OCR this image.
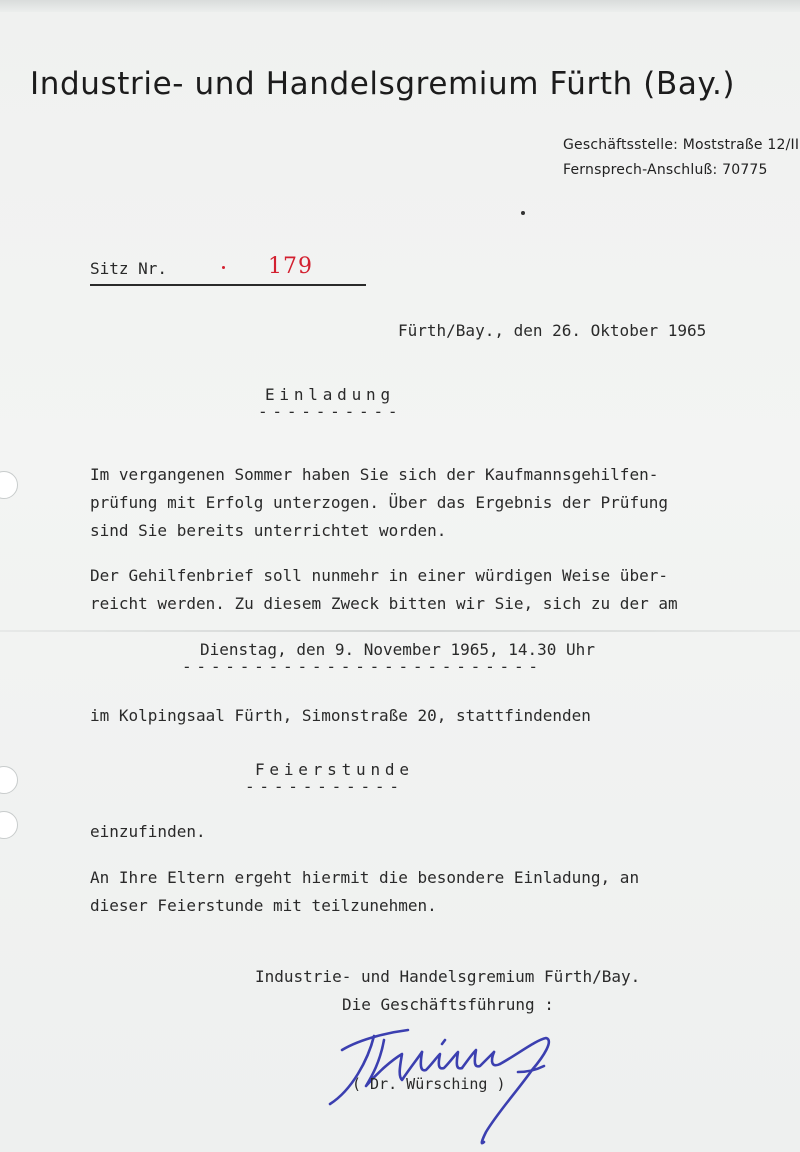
Industrie- und Handelsgremium Fürth (Bay.)
Geschäftsstelle: Moststraße 12/II
Fernsprech-Anschluß: 70775
Sitz Nr.	179
Fürth/Bay., den 26. Oktober 1965
Einladung
----------
Im vergangenen Sommer haben Sie sich der Kaufmannsgehilfen-
prüfung mit Erfolg unterzogen. Über das Ergebnis der Prüfung
sind Sie bereits unterrichtet worden.
Der Gehilfenbrief soll nunmehr in einer würdigen Weise über-
reicht werden. Zu diesem Zweck bitten wir Sie, sich zu der am
Dienstag, den 9. November 1965, 14.30 Uhr
-------------------------
im Kolpingsaal Fürth, Simonstraße 20, stattfindenden
Feierstunde
-----------
einzufinden.
An Ihre Eltern ergeht hiermit die besondere Einladung, an
dieser Feierstunde mit teilzunehmen.
Industrie- und Handelsgremium Fürth/Bay.
Die Geschäftsführung :
( Dr. Würsching )
